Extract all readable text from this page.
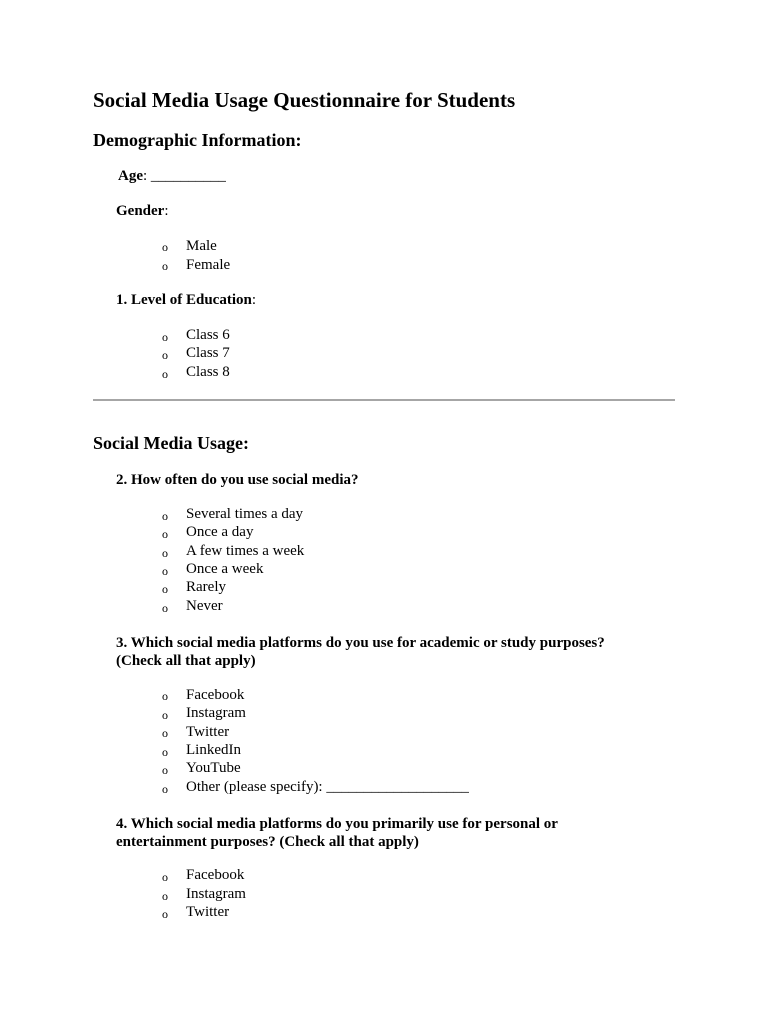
Social Media Usage Questionnaire for Students
Demographic Information:
Age: __________
Gender:
o Male
o Female
1. Level of Education:
o Class 6
o Class 7
o Class 8
Social Media Usage:
2. How often do you use social media?
o Several times a day
o Once a day
o A few times a week
o Once a week
o Rarely
o Never
3. Which social media platforms do you use for academic or study purposes?
(Check all that apply)
o Facebook
o Instagram
o Twitter
o LinkedIn
o YouTube
o Other (please specify): ___________________
4. Which social media platforms do you primarily use for personal or
entertainment purposes? (Check all that apply)
o Facebook
o Instagram
o Twitter
